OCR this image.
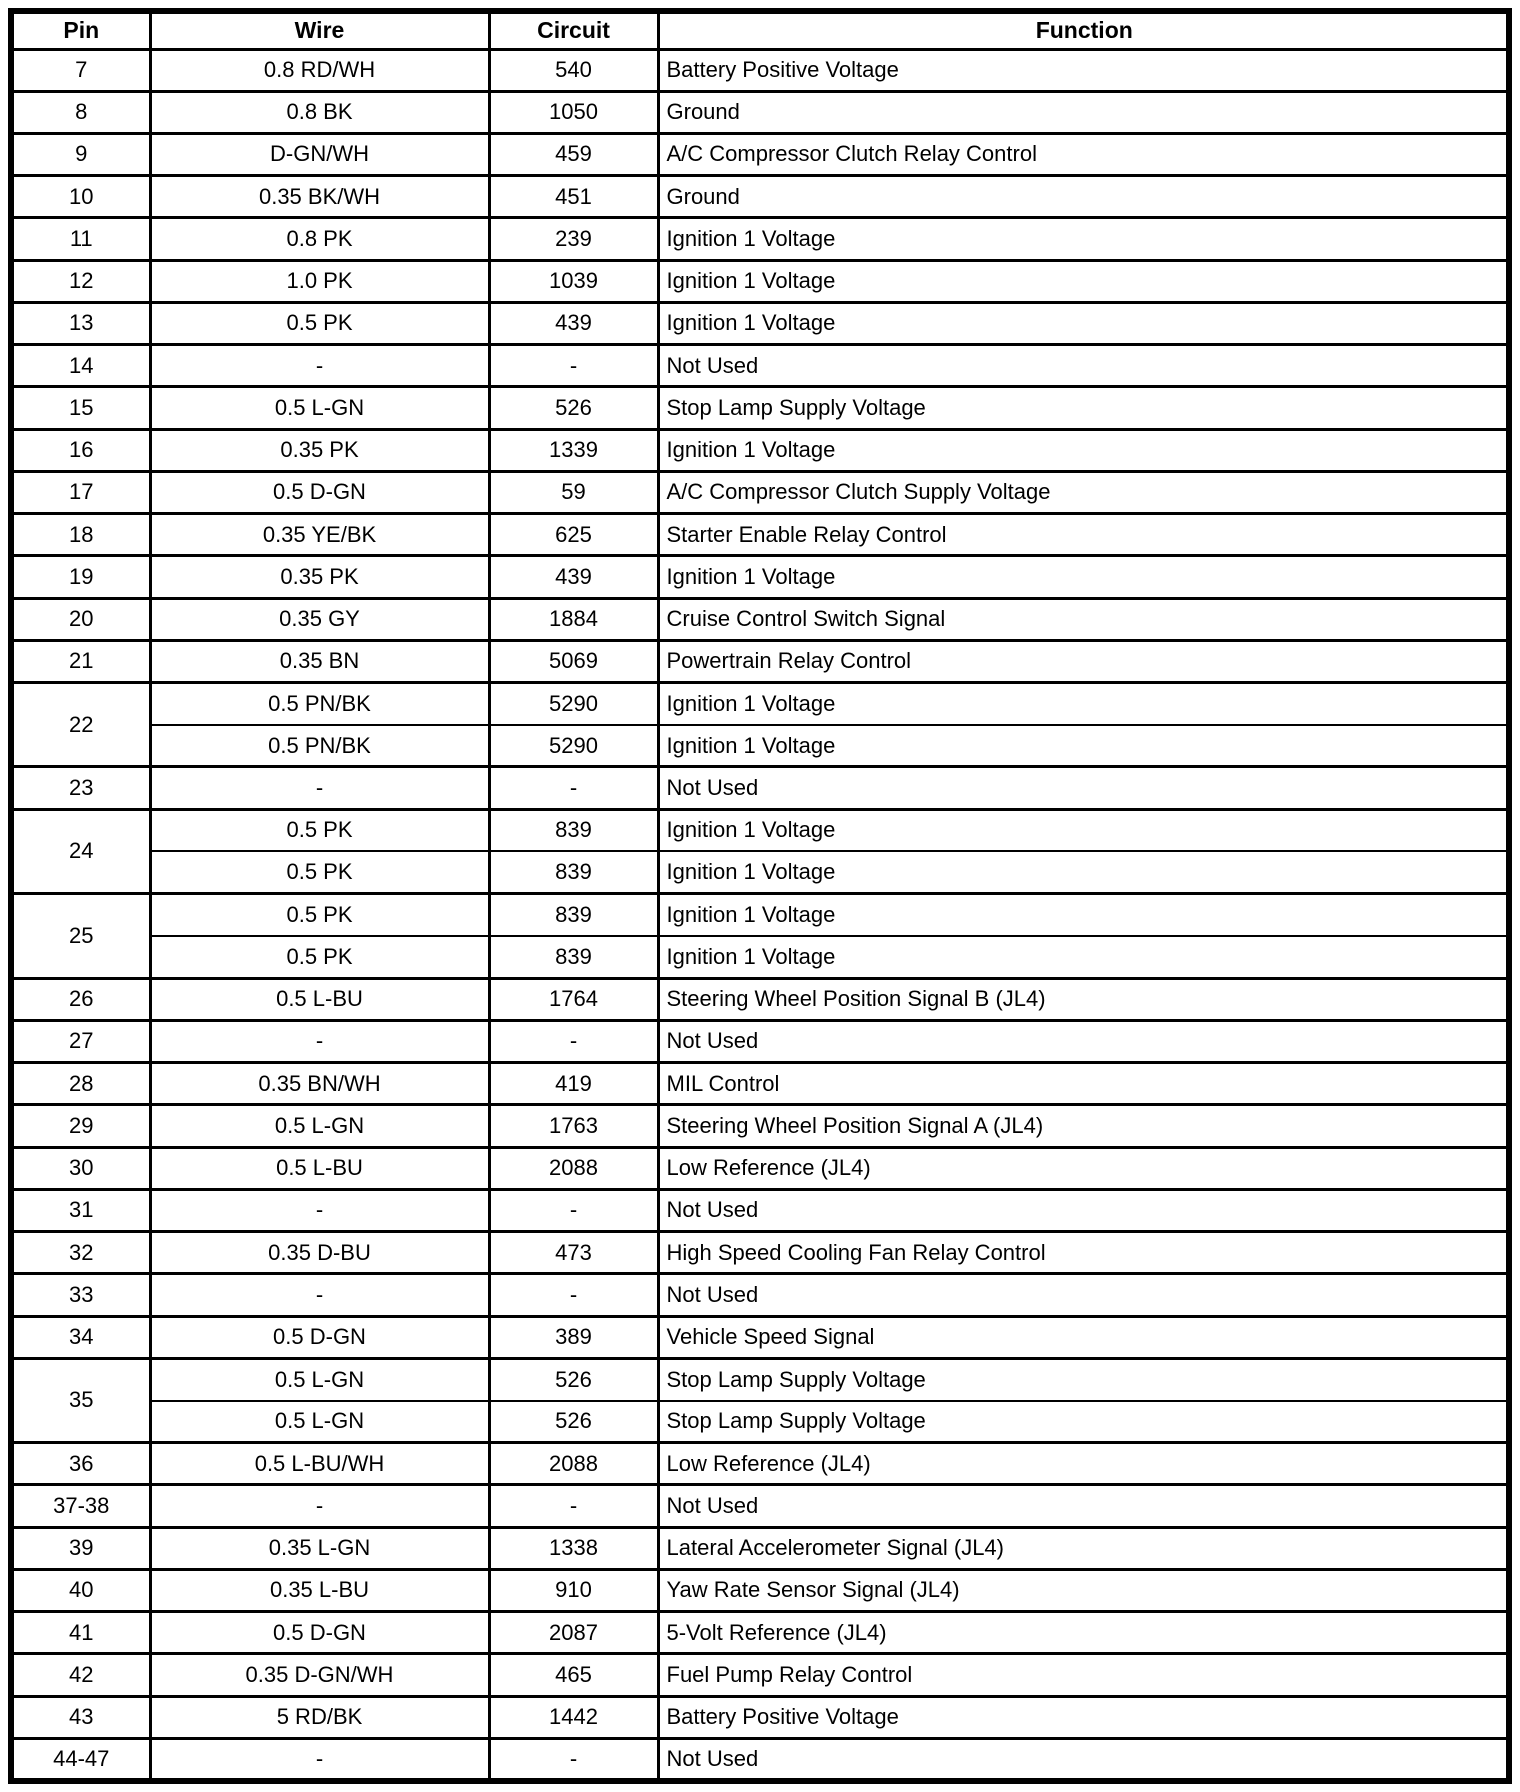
Pin	Wire	Circuit	Function
7	0.8 RD/WH	540	Battery Positive Voltage
8	0.8 BK	1050	Ground
9	D-GN/WH	459	A/C Compressor Clutch Relay Control
10	0.35 BK/WH	451	Ground
11	0.8 PK	239	Ignition 1 Voltage
12	1.0 PK	1039	Ignition 1 Voltage
13	0.5 PK	439	Ignition 1 Voltage
14	-	-	Not Used
15	0.5 L-GN	526	Stop Lamp Supply Voltage
16	0.35 PK	1339	Ignition 1 Voltage
17	0.5 D-GN	59	A/C Compressor Clutch Supply Voltage
18	0.35 YE/BK	625	Starter Enable Relay Control
19	0.35 PK	439	Ignition 1 Voltage
20	0.35 GY	1884	Cruise Control Switch Signal
21	0.35 BN	5069	Powertrain Relay Control
22	0.5 PN/BK	5290	Ignition 1 Voltage
	0.5 PN/BK	5290	Ignition 1 Voltage
23	-	-	Not Used
24	0.5 PK	839	Ignition 1 Voltage
	0.5 PK	839	Ignition 1 Voltage
25	0.5 PK	839	Ignition 1 Voltage
	0.5 PK	839	Ignition 1 Voltage
26	0.5 L-BU	1764	Steering Wheel Position Signal B (JL4)
27	-	-	Not Used
28	0.35 BN/WH	419	MIL Control
29	0.5 L-GN	1763	Steering Wheel Position Signal A (JL4)
30	0.5 L-BU	2088	Low Reference (JL4)
31	-	-	Not Used
32	0.35 D-BU	473	High Speed Cooling Fan Relay Control
33	-	-	Not Used
34	0.5 D-GN	389	Vehicle Speed Signal
35	0.5 L-GN	526	Stop Lamp Supply Voltage
	0.5 L-GN	526	Stop Lamp Supply Voltage
36	0.5 L-BU/WH	2088	Low Reference (JL4)
37-38	-	-	Not Used
39	0.35 L-GN	1338	Lateral Accelerometer Signal (JL4)
40	0.35 L-BU	910	Yaw Rate Sensor Signal (JL4)
41	0.5 D-GN	2087	5-Volt Reference (JL4)
42	0.35 D-GN/WH	465	Fuel Pump Relay Control
43	5 RD/BK	1442	Battery Positive Voltage
44-47	-	-	Not Used
